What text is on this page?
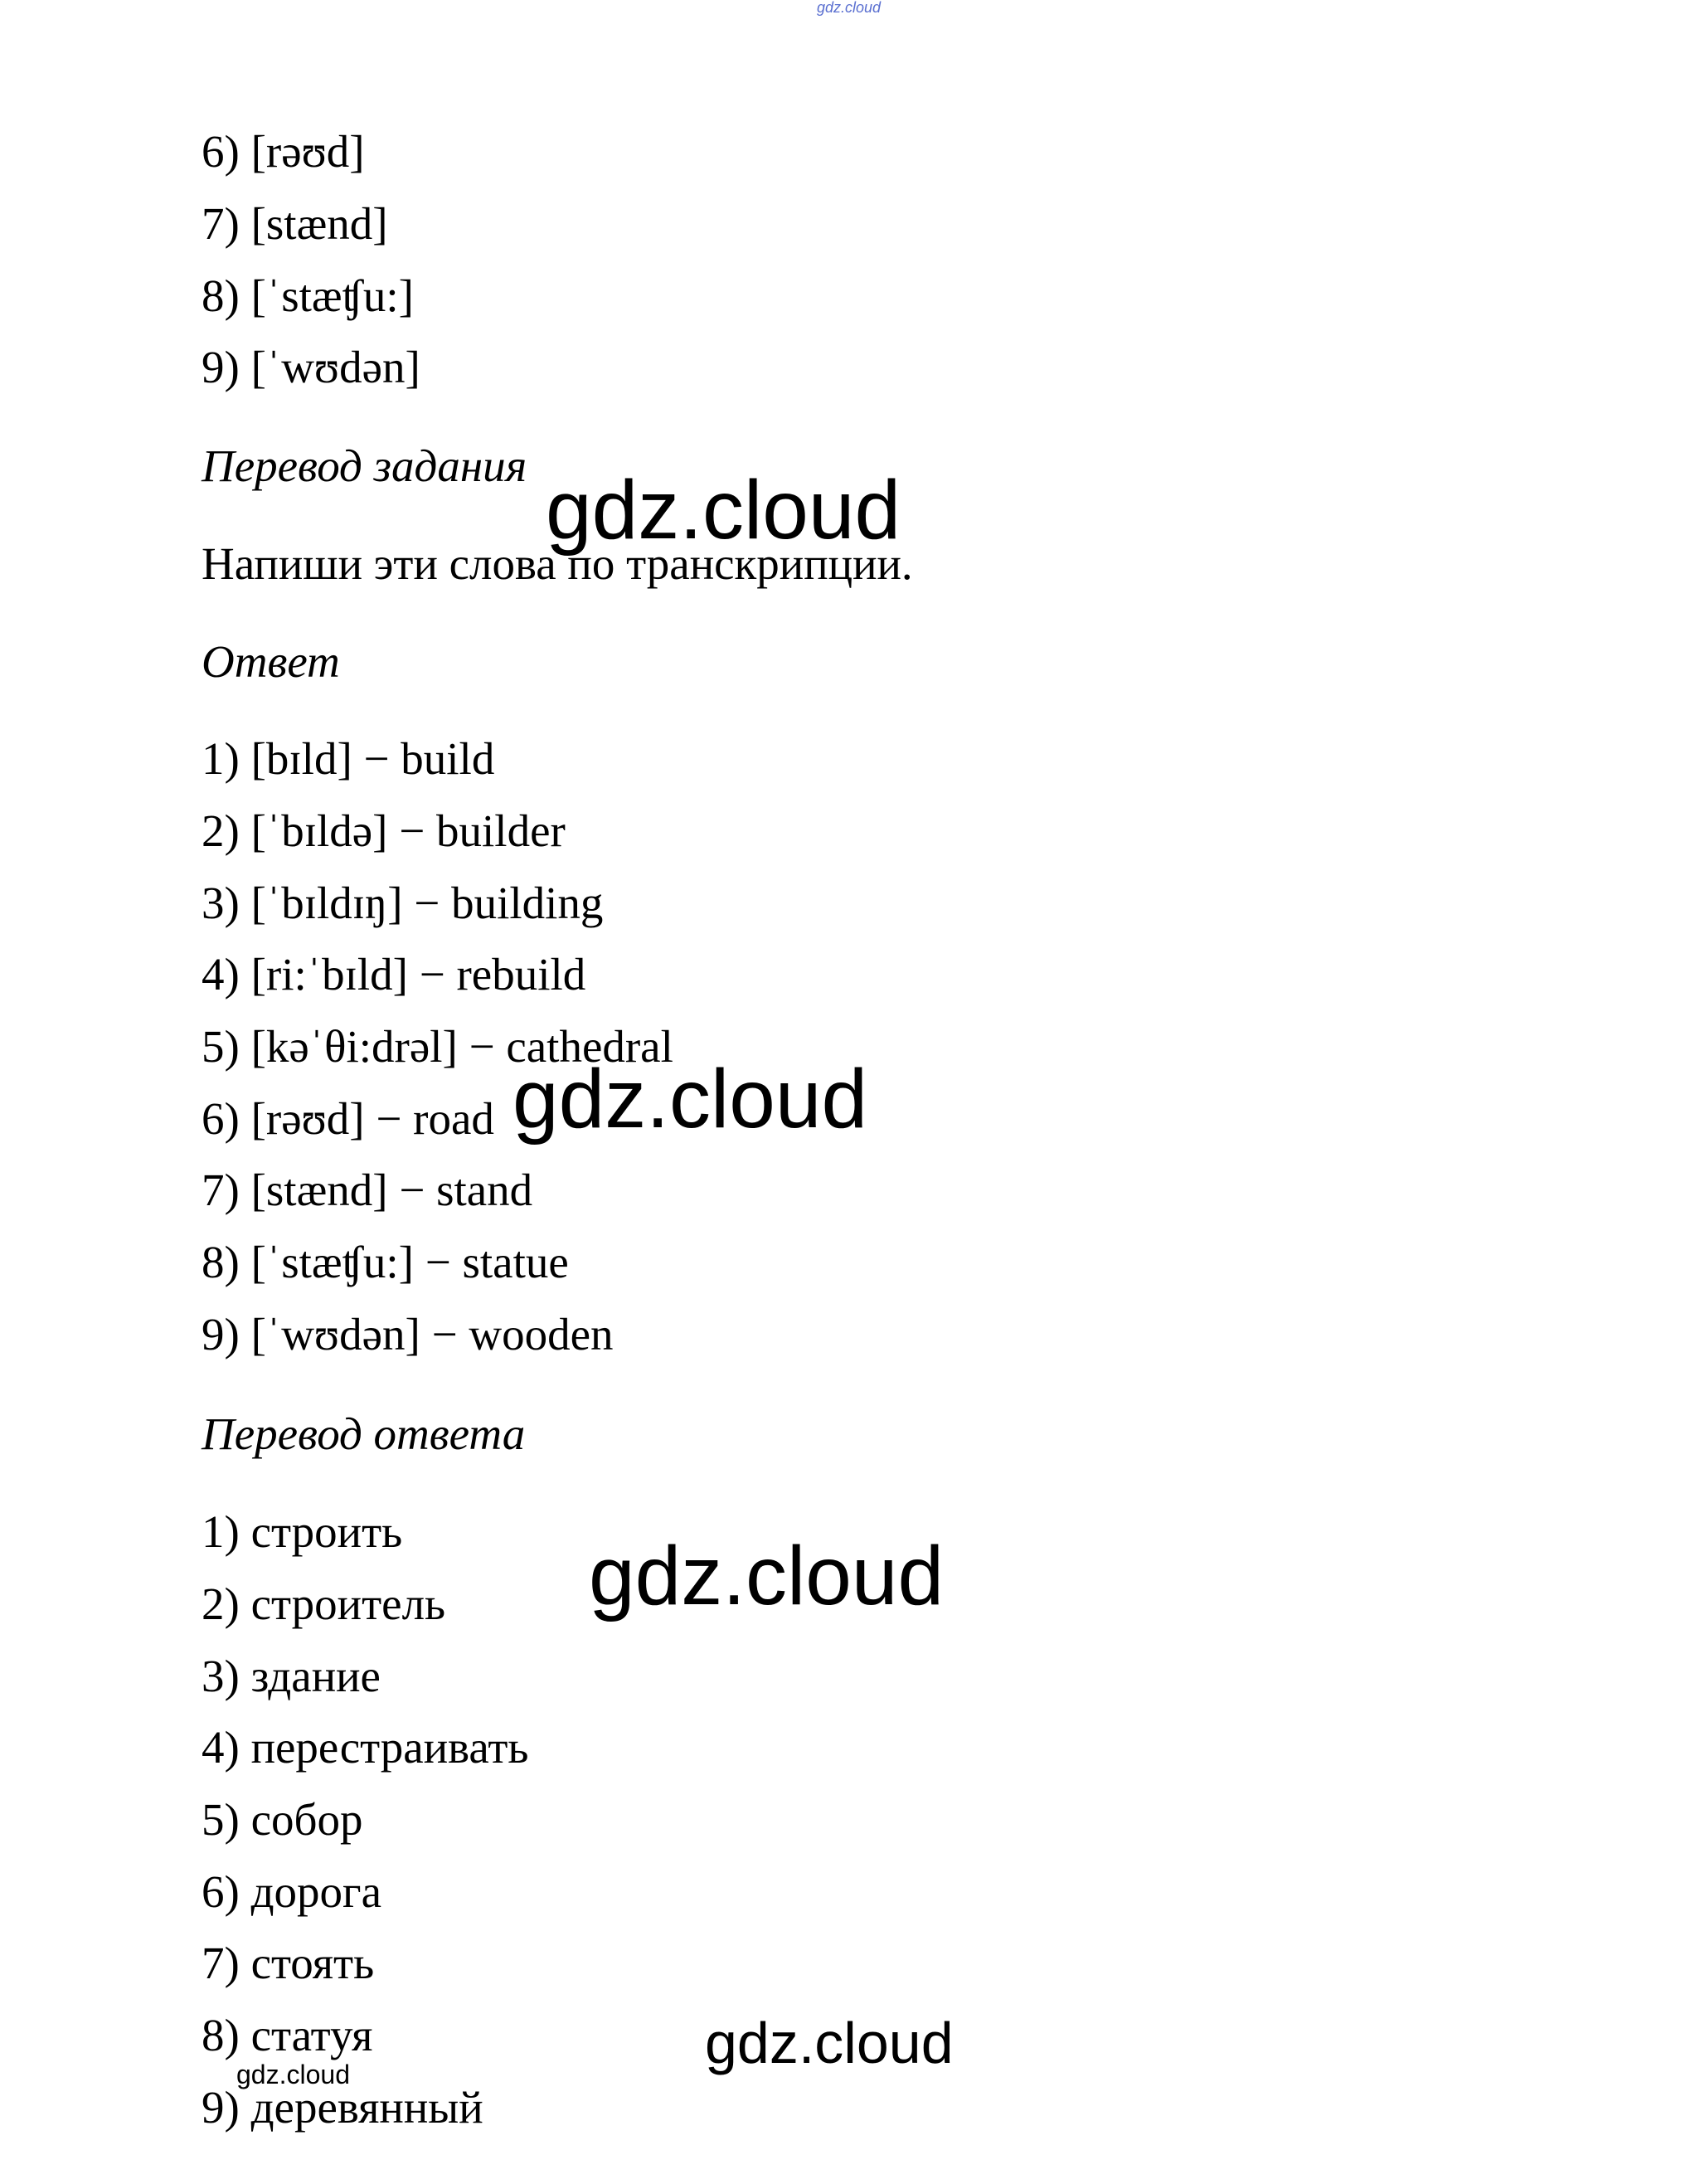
gdz.cloud
6) [rəʊd]
7) [stænd]
8) [ˈstæʧu:]
9) [ˈwʊdən]
Перевод задания
Напиши эти слова по транскрипции.
Ответ
1) [bɪld] − build
2) [ˈbɪldə] − builder
3) [ˈbɪldɪŋ] − building
4) [ri:ˈbɪld] − rebuild
5) [kəˈθi:drəl] − cathedral
6) [rəʊd] − road
7) [stænd] − stand
8) [ˈstæʧu:] − statue
9) [ˈwʊdən] − wooden
Перевод ответа
1) строить
2) строитель
3) здание
4) перестраивать
5) собор
6) дорога
7) стоять
8) статуя
9) деревянный
gdz.cloud
gdz.cloud
gdz.cloud
gdz.cloud
gdz.cloud
